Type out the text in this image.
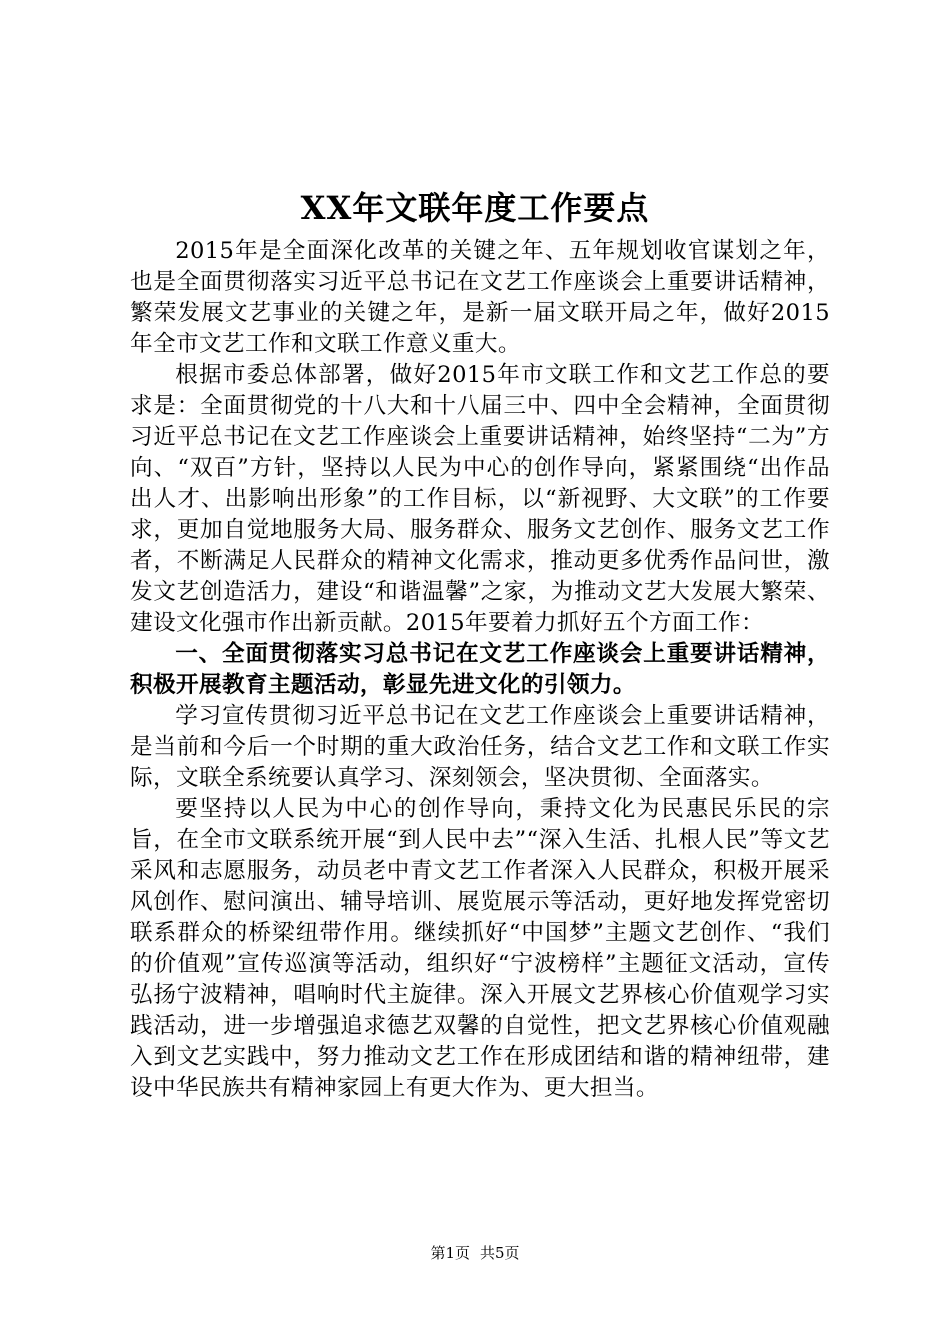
XX年文联年度工作要点

2015年是全面深化改革的关键之年、五年规划收官谋划之年，也是全面贯彻落实习近平总书记在文艺工作座谈会上重要讲话精神，繁荣发展文艺事业的关键之年，是新一届文联开局之年，做好2015年全市文艺工作和文联工作意义重大。

根据市委总体部署，做好2015年市文联工作和文艺工作总的要求是：全面贯彻党的十八大和十八届三中、四中全会精神，全面贯彻习近平总书记在文艺工作座谈会上重要讲话精神，始终坚持“二为”方向、“双百”方针，坚持以人民为中心的创作导向，紧紧围绕“出作品出人才、出影响出形象”的工作目标，以“新视野、大文联”的工作要求，更加自觉地服务大局、服务群众、服务文艺创作、服务文艺工作者，不断满足人民群众的精神文化需求，推动更多优秀作品问世，激发文艺创造活力，建设“和谐温馨”之家，为推动文艺大发展大繁荣、建设文化强市作出新贡献。2015年要着力抓好五个方面工作：

一、全面贯彻落实习总书记在文艺工作座谈会上重要讲话精神，积极开展教育主题活动，彰显先进文化的引领力。

学习宣传贯彻习近平总书记在文艺工作座谈会上重要讲话精神，是当前和今后一个时期的重大政治任务，结合文艺工作和文联工作实际，文联全系统要认真学习、深刻领会，坚决贯彻、全面落实。

要坚持以人民为中心的创作导向，秉持文化为民惠民乐民的宗旨，在全市文联系统开展“到人民中去”“深入生活、扎根人民”等文艺采风和志愿服务，动员老中青文艺工作者深入人民群众，积极开展采风创作、慰问演出、辅导培训、展览展示等活动，更好地发挥党密切联系群众的桥梁纽带作用。继续抓好“中国梦”主题文艺创作、“我们的价值观”宣传巡演等活动，组织好“宁波榜样”主题征文活动，宣传弘扬宁波精神，唱响时代主旋律。深入开展文艺界核心价值观学习实践活动，进一步增强追求德艺双馨的自觉性，把文艺界核心价值观融入到文艺实践中，努力推动文艺工作在形成团结和谐的精神纽带，建设中华民族共有精神家园上有更大作为、更大担当。

第1页 共5页
